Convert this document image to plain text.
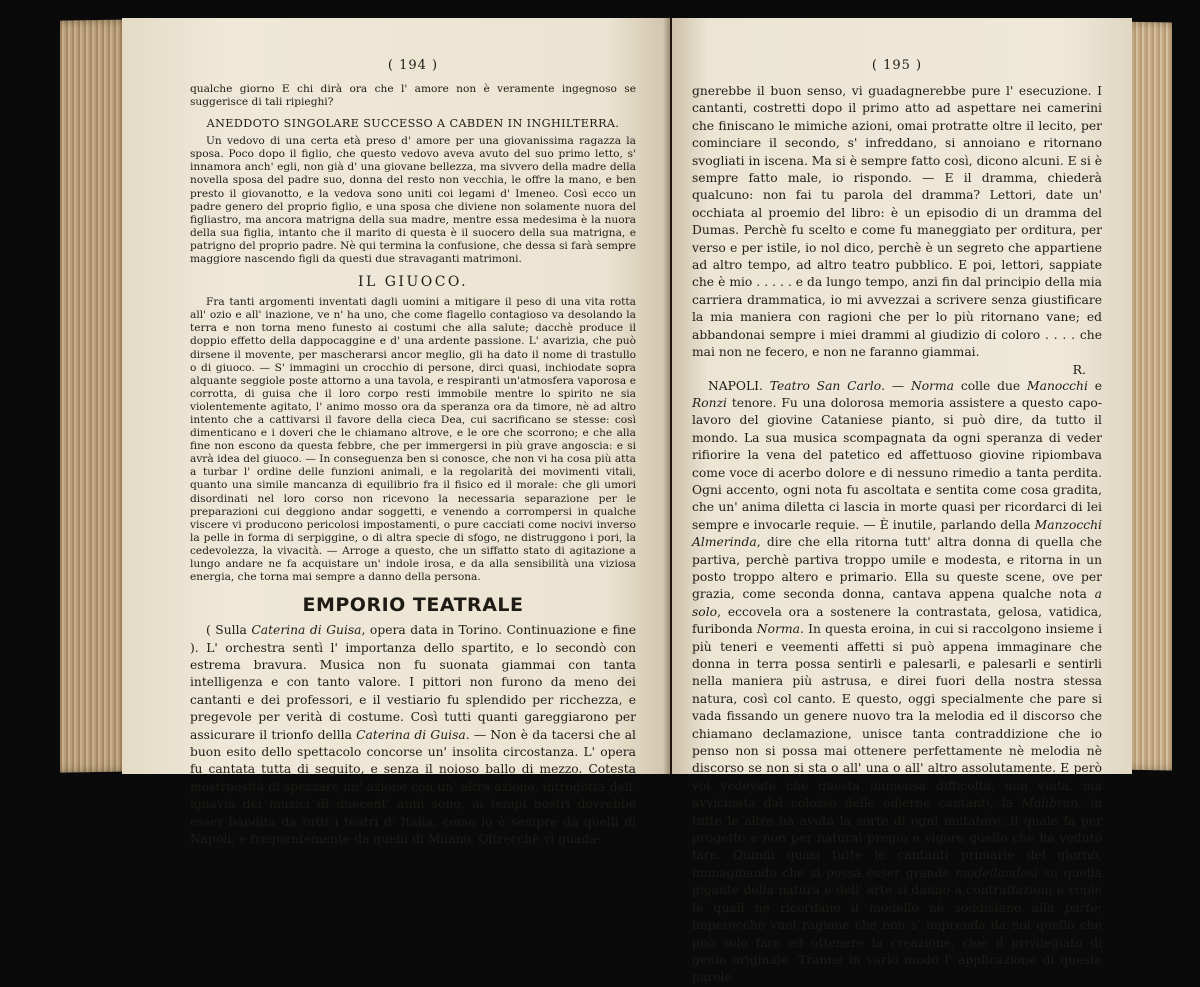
( 194 )

qualche giorno E chi dirà ora che l' amore non è veramente ingegnoso se suggerisce di tali ripieghi?

ANEDDOTO SINGOLARE SUCCESSO A CABDEN IN INGHILTERRA.

Un vedovo di una certa età preso d' amore per una giovanissima ragazza la sposa. Poco dopo il figlio, che questo vedovo aveva avuto del suo primo letto, s' innamora anch' egli, non già d' una giovane bellezza, ma sivvero della madre della novella sposa del padre suo, donna del resto non vecchia, le offre la mano, e ben presto il giovanotto, e la vedova sono uniti coi legami d' Imeneo. Così ecco un padre genero del proprio figlio, e una sposa che diviene non solamente nuora del figliastro, ma ancora matrigna della sua madre, mentre essa medesima è la nuora della sua figlia, intanto che il marito di questa è il suocero della sua matrigna, e patrigno del proprio padre. Nè qui termina la confusione, che dessa si farà sempre maggiore nascendo figli da questi due stravaganti matrimoni.

IL GIUOCO.

Fra tanti argomenti inventati dagli uomini a mitigare il peso di una vita rotta all' ozio e all' inazione, ve n' ha uno, che come flagello contagioso va desolando la terra e non torna meno funesto ai costumi che alla salute; dacchè produce il doppio effetto della dappocaggine e d' una ardente passione. L' avarizia, che può dirsene il movente, per mascherarsi ancor meglio, gli ha dato il nome di trastullo o di giuoco. — S' immagini un crocchio di persone, dirci quasi, inchiodate sopra alquante seggiole poste attorno a una tavola, e respiranti un'atmosfera vaporosa e corrotta, di guisa che il loro corpo resti immobile mentre lo spirito ne sia violentemente agitato, l' animo mosso ora da speranza ora da timore, nè ad altro intento che a cattivarsi il favore della cieca Dea, cui sacrificano se stesse: così dimenticano e i doveri che le chiamano altrove, e le ore che scorrono; e che alla fine non escono da questa febbre, che per immergersi in più grave angoscia: e si avrà idea del giuoco. — In conseguenza ben si conosce, che non vi ha cosa più atta a turbar l' ordine delle funzioni animali, e la regolarità dei movimenti vitali, quanto una simile mancanza di equilibrio fra il fisico ed il morale: che gli umori disordinati nel loro corso non ricevono la necessaria separazione per le preparazioni cui deggiono andar soggetti, e venendo a corrompersi in qualche viscere vi producono pericolosi impostamenti, o pure cacciati come nocivi inverso la pelle in forma di serpiggine, o di altra specie di sfogo, ne distruggono i pori, la cedevolezza, la vivacità. — Arroge a questo, che un siffatto stato di agitazione a lungo andare ne fa acquistare un' indole irosa, e da alla sensibilità una viziosa energia, che torna mai sempre a danno della persona.

EMPORIO TEATRALE

( Sulla Caterina di Guisa, opera data in Torino. Continuazione e fine ). L' orchestra sentì l' importanza dello spartito, e lo secondò con estrema bravura. Musica non fu suonata giammai con tanta intelligenza e con tanto valore. I pittori non furono da meno dei cantanti e dei professori, e il vestiario fu splendido per ricchezza, e pregevole per verità di costume. Così tutti quanti gareggiarono per assicurare il trionfo dellla Caterina di Guisa. — Non è da tacersi che al buon esito dello spettacolo concorse un' insolita circostanza. L' opera fu cantata tutta di seguito, e senza il noioso ballo di mezzo. Cotesta mostruosità di spezzare un' azione con un' altra azione, introdotta dall' ignavia dei musici di duecent' anni sono, ai tempi nostri dovrebbe esser bandita da tutti i teatri d' Italia, come lo è sempre da quelli di Napoli, e frequentemente da quelli di Milano. Oltrecchè vi guada-

( 195 )

gnerebbe il buon senso, vi guadagnerebbe pure l' esecuzione. I cantanti, costretti dopo il primo atto ad aspettare nei camerini che finiscano le mimiche azioni, omai protratte oltre il lecito, per cominciare il secondo, s' infreddano, si annoiano e ritornano svogliati in iscena. Ma si è sempre fatto così, dicono alcuni. E si è sempre fatto male, io rispondo. — E il dramma, chiederà qualcuno: non fai tu parola del dramma? Lettori, date un' occhiata al proemio del libro: è un episodio di un dramma del Dumas. Perchè fu scelto e come fu maneggiato per orditura, per verso e per istile, io nol dico, perchè è un segreto che appartiene ad altro tempo, ad altro teatro pubblico. E poi, lettori, sappiate che è mio . . . . . e da lungo tempo, anzi fin dal principio della mia carriera drammatica, io mi avvezzai a scrivere senza giustificare la mia maniera con ragioni che per lo più ritornano vane; ed abbandonai sempre i miei drammi al giudizio di coloro . . . . che mai non ne fecero, e non ne faranno giammai.

R.

NAPOLI. Teatro San Carlo. — Norma colle due Manocchi e Ronzi tenore. Fu una dolorosa memoria assistere a questo capo-lavoro del giovine Cataniese pianto, si può dire, da tutto il mondo. La sua musica scompagnata da ogni speranza di veder rifiorire la vena del patetico ed affettuoso giovine ripiombava come voce di acerbo dolore e di nessuno rimedio a tanta perdita. Ogni accento, ogni nota fu ascoltata e sentita come cosa gradita, che un' anima diletta ci lascia in morte quasi per ricordarci di lei sempre e invocarle requie. — È inutile, parlando della Manzocchi Almerinda, dire che ella ritorna tutt' altra donna di quella che partiva, perchè partiva troppo umile e modesta, e ritorna in un posto troppo altero e primario. Ella su queste scene, ove per grazia, come seconda donna, cantava appena qualche nota a solo, eccovela ora a sostenere la contrastata, gelosa, vatidica, furibonda Norma. In questa eroina, in cui si raccolgono insieme i più teneri e veementi affetti si può appena immaginare che donna in terra possa sentirli e palesarli, e palesarli e sentirli nella maniera più astrusa, e direi fuori della nostra stessa natura, così col canto. E questo, oggi specialmente che pare si vada fissando un genere nuovo tra la melodia ed il discorso che chiamano declamazione, unisce tanta contraddizione che io penso non si possa mai ottenere perfettamente nè melodia nè discorso se non si sta o all' una o all' altro assolutamente. E però voi vedevate che questa immensa difficoltà, non vinta, ma avvicinata dal colosso delle odierne cantanti, la Malibran, in tutte le altre ha avuta la sorte di ogni imitatore, il quale fa per progetto e non per natural pregio e vigore quello che ha veduto fare. Quindi quasi tutte le cantanti primarie del giorno, immaginando che si possa esser grande modellandosi su quella gigante della natura e dell' arte si danno a contraffazioni e copie le quali nè ricordano il modello nè soddisfano alla parte; imperocchè vuol ragione che non s' imprenda da noi quello che può solo fare ed ottenere la creazione, cioè il privilegiato di genio originale. Tranne in vario modo l' applicazione di queste parole
